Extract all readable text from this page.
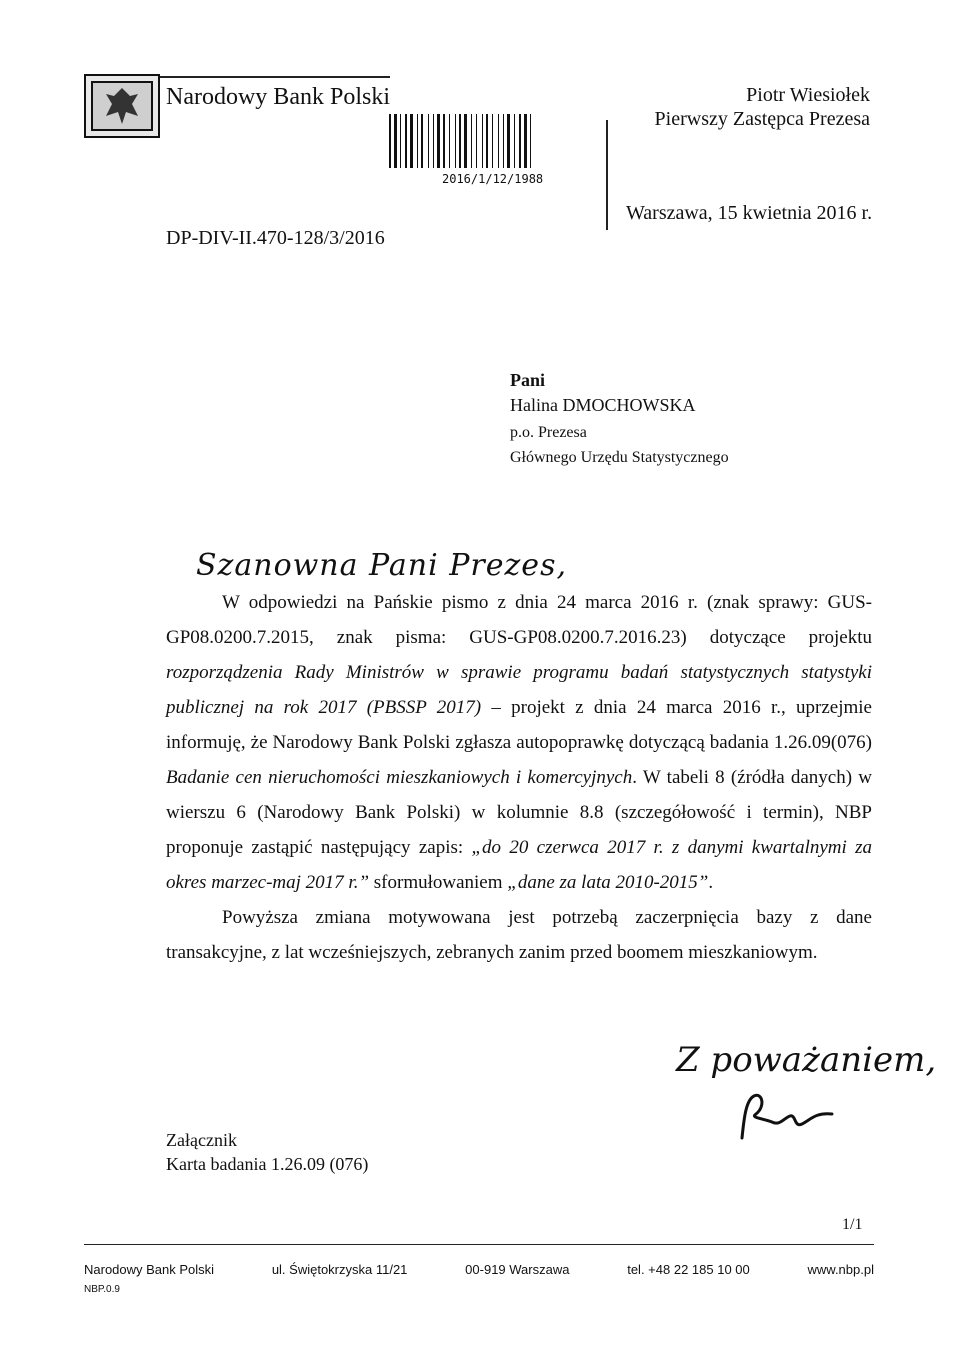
Narodowy Bank Polski
2016/1/12/1988
Piotr Wiesiołek
Pierwszy Zastępca Prezesa
Warszawa, 15 kwietnia 2016 r.
DP-DIV-II.470-128/3/2016
Pani
Halina DMOCHOWSKA
p.o. Prezesa
Głównego Urzędu Statystycznego
Szanowna Pani Prezes,

W odpowiedzi na Pańskie pismo z dnia 24 marca 2016 r. (znak sprawy: GUS-GP08.0200.7.2015, znak pisma: GUS-GP08.0200.7.2016.23) dotyczące projektu rozporządzenia Rady Ministrów w sprawie programu badań statystycznych statystyki publicznej na rok 2017 (PBSSP 2017) – projekt z dnia 24 marca 2016 r., uprzejmie informuję, że Narodowy Bank Polski zgłasza autopoprawkę dotyczącą badania 1.26.09(076) Badanie cen nieruchomości mieszkaniowych i komercyjnych. W tabeli 8 (źródła danych) w wierszu 6 (Narodowy Bank Polski) w kolumnie 8.8 (szczegółowość i termin), NBP proponuje zastąpić następujący zapis: „do 20 czerwca 2017 r. z danymi kwartalnymi za okres marzec-maj 2017 r.” sformułowaniem „dane za lata 2010-2015”.

Powyższa zmiana motywowana jest potrzebą zaczerpnięcia bazy z dane transakcyjne, z lat wcześniejszych, zebranych zanim przed boomem mieszkaniowym.

Z poważaniem,
Załącznik
Karta badania 1.26.09 (076)
1/1
Narodowy Bank Polski	ul. Świętokrzyska 11/21	00-919 Warszawa	tel. +48 22 185 10 00	www.nbp.pl
NBP.0.9
